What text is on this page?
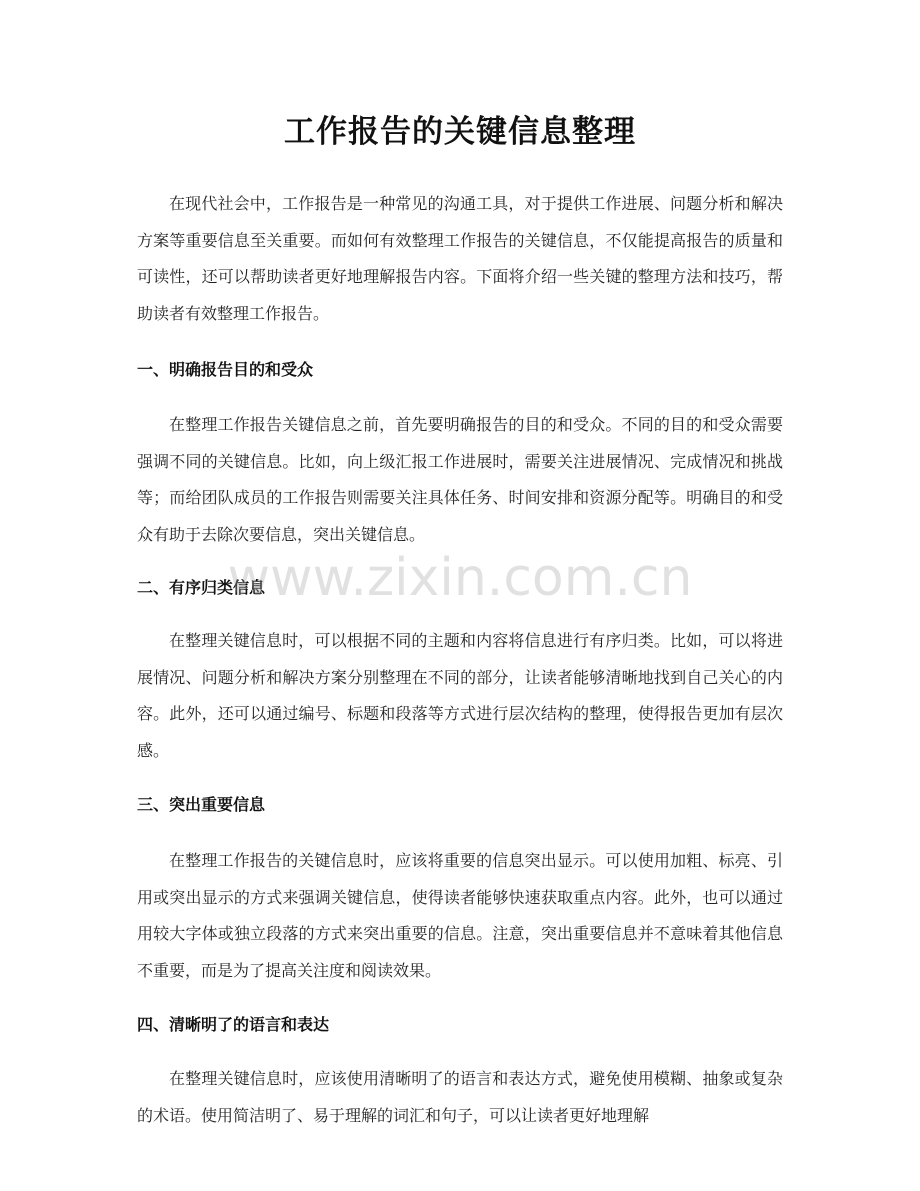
工作报告的关键信息整理

在现代社会中，工作报告是一种常见的沟通工具，对于提供工作进展、问题分析和解决方案等重要信息至关重要。而如何有效整理工作报告的关键信息，不仅能提高报告的质量和可读性，还可以帮助读者更好地理解报告内容。下面将介绍一些关键的整理方法和技巧，帮助读者有效整理工作报告。

一、明确报告目的和受众

在整理工作报告关键信息之前，首先要明确报告的目的和受众。不同的目的和受众需要强调不同的关键信息。比如，向上级汇报工作进展时，需要关注进展情况、完成情况和挑战等；而给团队成员的工作报告则需要关注具体任务、时间安排和资源分配等。明确目的和受众有助于去除次要信息，突出关键信息。

二、有序归类信息

在整理关键信息时，可以根据不同的主题和内容将信息进行有序归类。比如，可以将进展情况、问题分析和解决方案分别整理在不同的部分，让读者能够清晰地找到自己关心的内容。此外，还可以通过编号、标题和段落等方式进行层次结构的整理，使得报告更加有层次感。

三、突出重要信息

在整理工作报告的关键信息时，应该将重要的信息突出显示。可以使用加粗、标亮、引用或突出显示的方式来强调关键信息，使得读者能够快速获取重点内容。此外，也可以通过用较大字体或独立段落的方式来突出重要的信息。注意，突出重要信息并不意味着其他信息不重要，而是为了提高关注度和阅读效果。

四、清晰明了的语言和表达

在整理关键信息时，应该使用清晰明了的语言和表达方式，避免使用模糊、抽象或复杂的术语。使用简洁明了、易于理解的词汇和句子，可以让读者更好地理解

www.zixin.com.cn
